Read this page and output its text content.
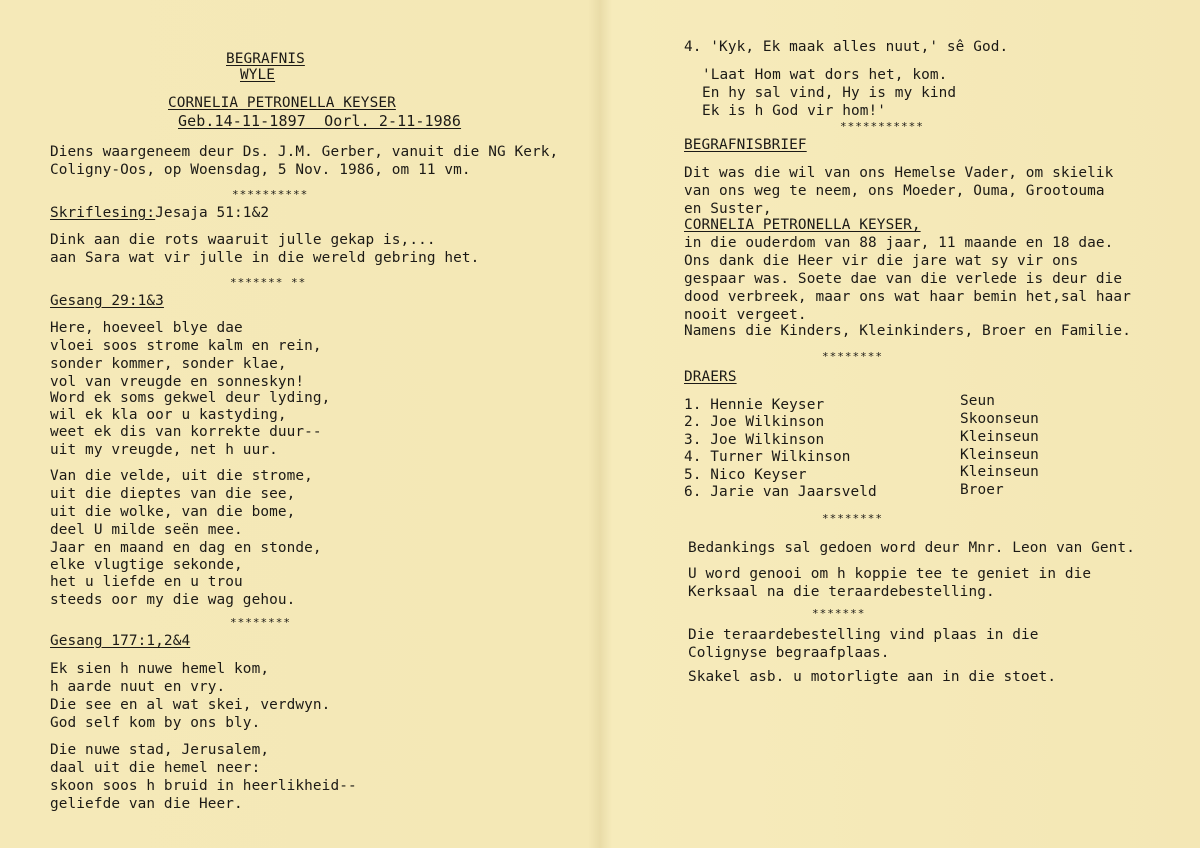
BEGRAFNIS
WYLE
CORNELIA PETRONELLA KEYSER
Geb.14-11-1897  Oorl. 2-11-1986
Diens waargeneem deur Ds. J.M. Gerber, vanuit die NG Kerk,
Coligny-Oos, op Woensdag, 5 Nov. 1986, om 11 vm.
**********
Skriflesing:Jesaja 51:1&2
Dink aan die rots waaruit julle gekap is,...
aan Sara wat vir julle in die wereld gebring het.
******* **
Gesang 29:1&3
Here, hoeveel blye dae
vloei soos strome kalm en rein,
sonder kommer, sonder klae,
vol van vreugde en sonneskyn!
Word ek soms gekwel deur lyding,
wil ek kla oor u kastyding,
weet ek dis van korrekte duur--
uit my vreugde, net h uur.
Van die velde, uit die strome,
uit die dieptes van die see,
uit die wolke, van die bome,
deel U milde seën mee.
Jaar en maand en dag en stonde,
elke vlugtige sekonde,
het u liefde en u trou
steeds oor my die wag gehou.
********
Gesang 177:1,2&4
Ek sien h nuwe hemel kom,
h aarde nuut en vry.
Die see en al wat skei, verdwyn.
God self kom by ons bly.
Die nuwe stad, Jerusalem,
daal uit die hemel neer:
skoon soos h bruid in heerlikheid--
geliefde van die Heer.
4. 'Kyk, Ek maak alles nuut,' sê God.
'Laat Hom wat dors het, kom.
En hy sal vind, Hy is my kind
Ek is h God vir hom!'
***********
BEGRAFNISBRIEF
Dit was die wil van ons Hemelse Vader, om skielik
van ons weg te neem, ons Moeder, Ouma, Grootouma
en Suster,
CORNELIA PETRONELLA KEYSER,
in die ouderdom van 88 jaar, 11 maande en 18 dae.
Ons dank die Heer vir die jare wat sy vir ons
gespaar was. Soete dae van die verlede is deur die
dood verbreek, maar ons wat haar bemin het,sal haar
nooit vergeet.
Namens die Kinders, Kleinkinders, Broer en Familie.
********
DRAERS
1. Hennie Keyser	Seun
2. Joe Wilkinson	Skoonseun
3. Joe Wilkinson	Kleinseun
4. Turner Wilkinson	Kleinseun
5. Nico Keyser	Kleinseun
6. Jarie van Jaarsveld	Broer
********
Bedankings sal gedoen word deur Mnr. Leon van Gent.
U word genooi om h koppie tee te geniet in die
Kerksaal na die teraardebestelling.
*******
Die teraardebestelling vind plaas in die
Colignyse begraafplaas.
Skakel asb. u motorligte aan in die stoet.
